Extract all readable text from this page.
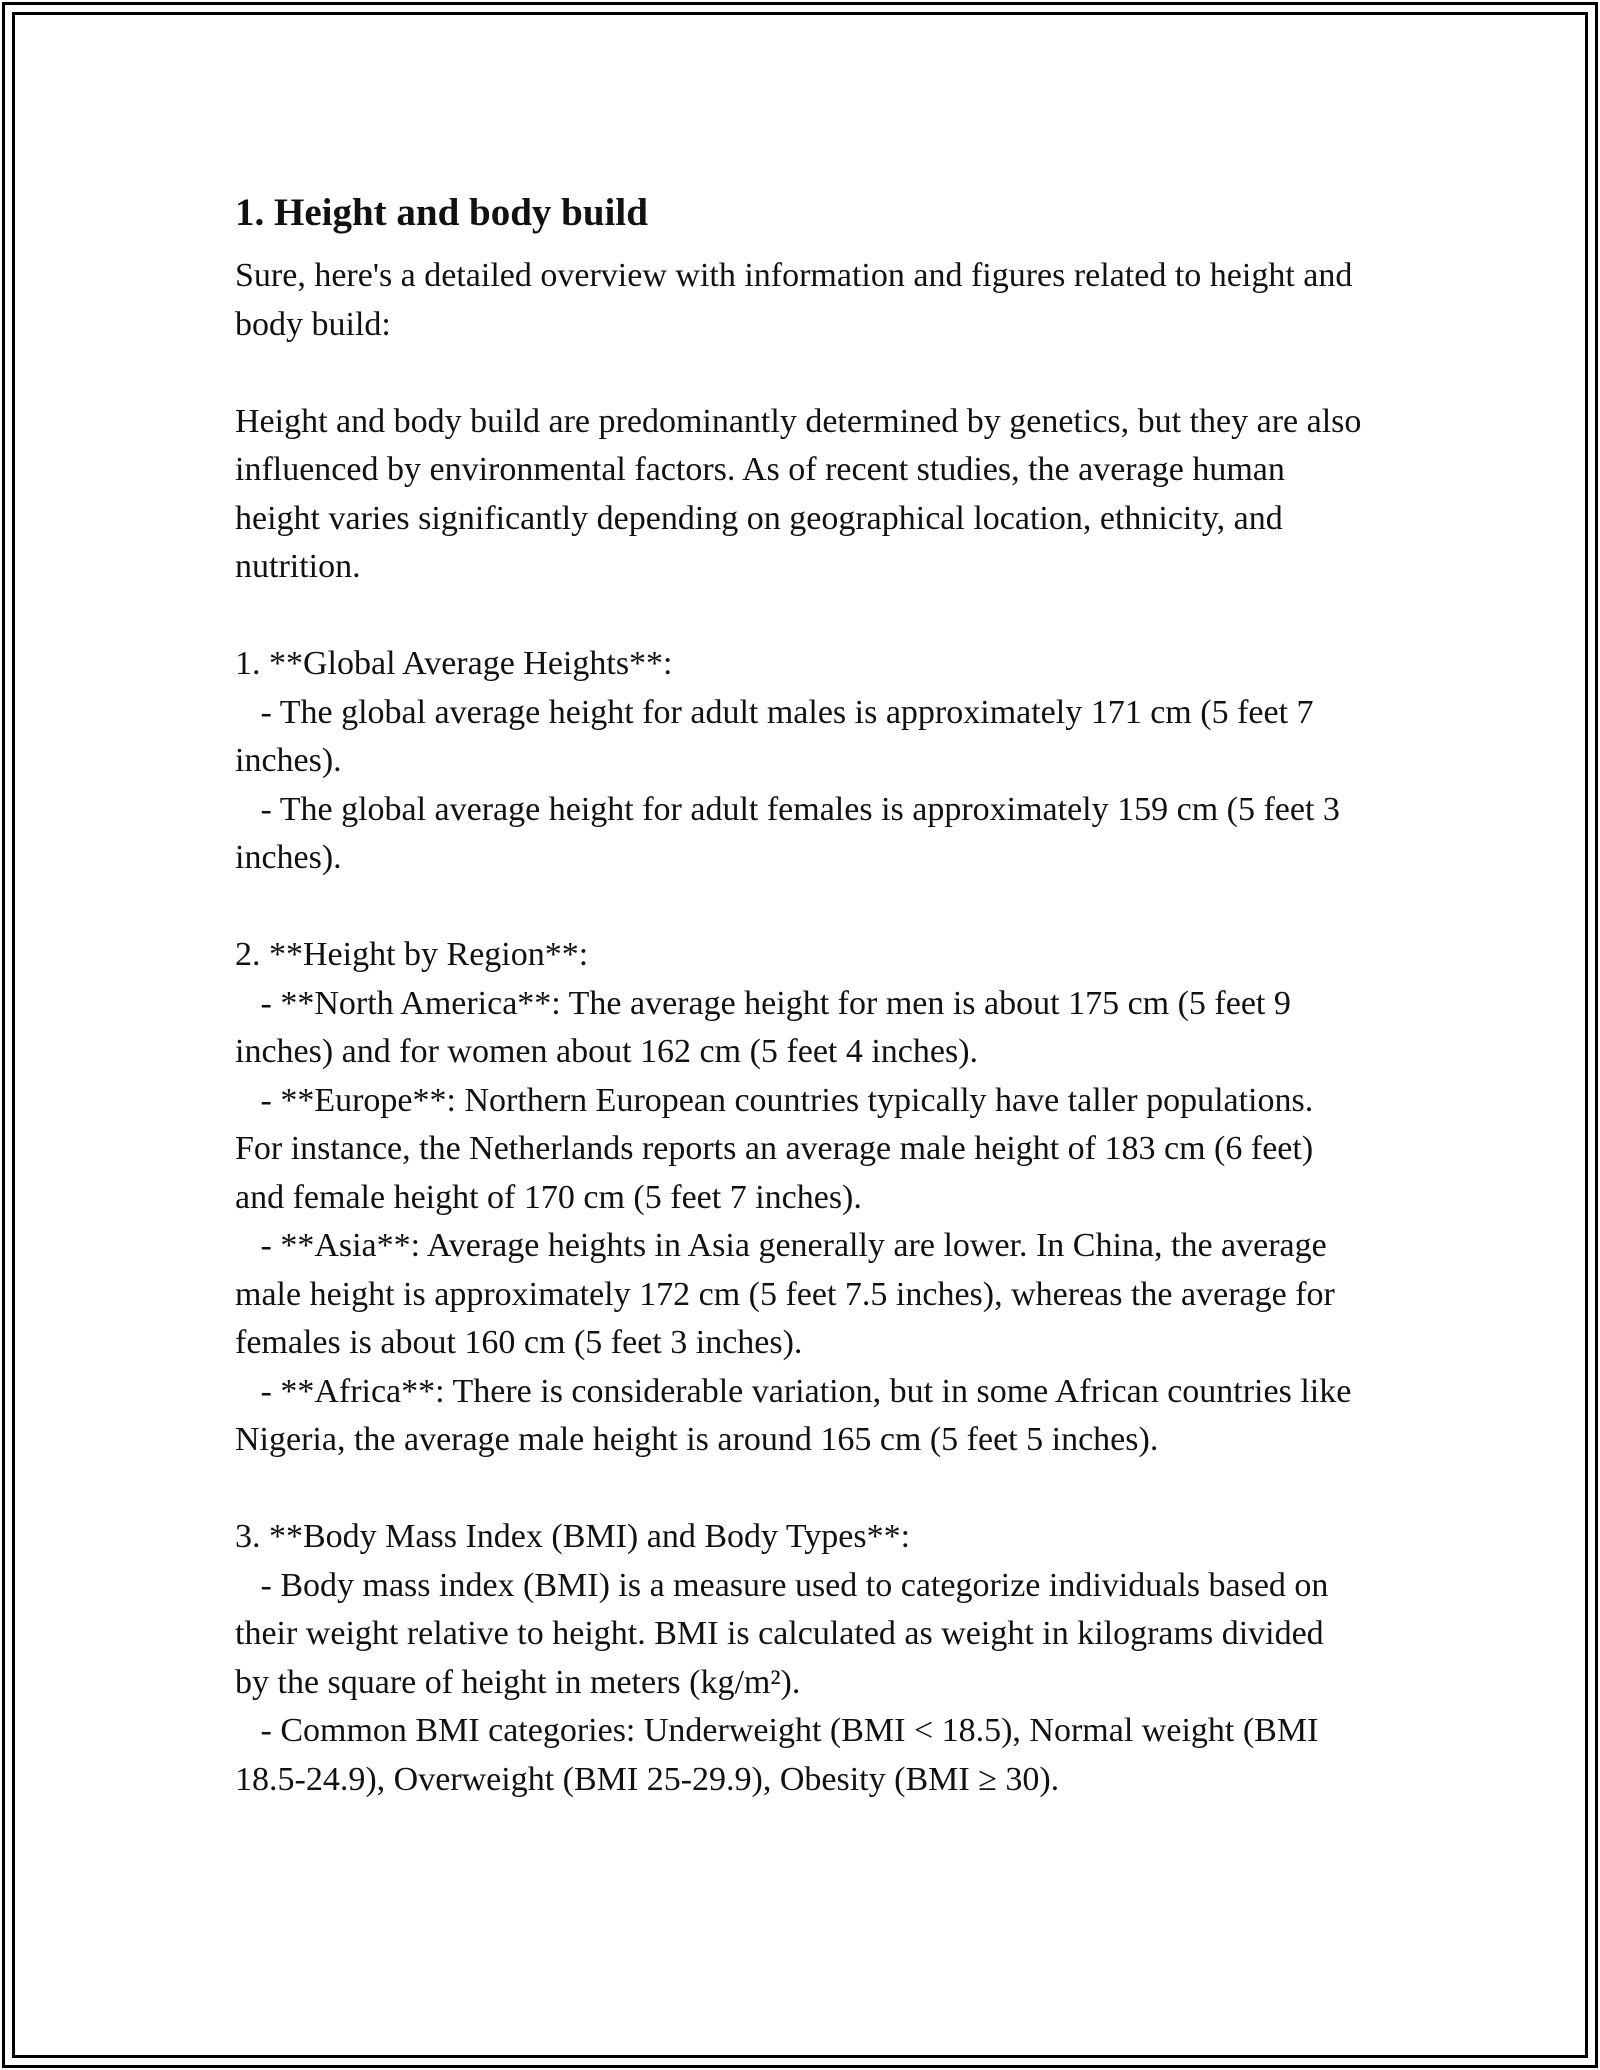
1. Height and body build

Sure, here's a detailed overview with information and figures related to height and body build:

Height and body build are predominantly determined by genetics, but they are also influenced by environmental factors. As of recent studies, the average human height varies significantly depending on geographical location, ethnicity, and nutrition.

1. **Global Average Heights**:

- The global average height for adult males is approximately 171 cm (5 feet 7 inches).

- The global average height for adult females is approximately 159 cm (5 feet 3 inches).

2. **Height by Region**:

- **North America**: The average height for men is about 175 cm (5 feet 9 inches) and for women about 162 cm (5 feet 4 inches).

- **Europe**: Northern European countries typically have taller populations. For instance, the Netherlands reports an average male height of 183 cm (6 feet) and female height of 170 cm (5 feet 7 inches).

- **Asia**: Average heights in Asia generally are lower. In China, the average male height is approximately 172 cm (5 feet 7.5 inches), whereas the average for females is about 160 cm (5 feet 3 inches).

- **Africa**: There is considerable variation, but in some African countries like Nigeria, the average male height is around 165 cm (5 feet 5 inches).

3. **Body Mass Index (BMI) and Body Types**:

- Body mass index (BMI) is a measure used to categorize individuals based on their weight relative to height. BMI is calculated as weight in kilograms divided by the square of height in meters (kg/m²).

- Common BMI categories: Underweight (BMI < 18.5), Normal weight (BMI 18.5-24.9), Overweight (BMI 25-29.9), Obesity (BMI ≥ 30).
